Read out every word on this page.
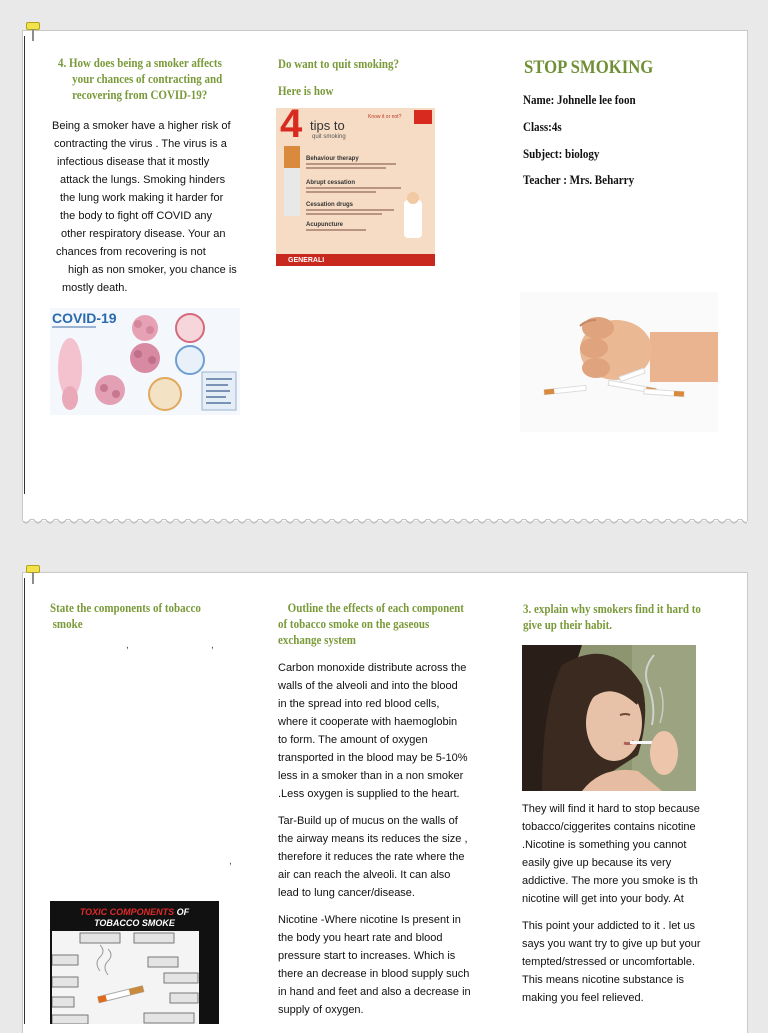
4. How does being a smoker affects
your chances of contracting and
recovering from COVID-19?

Being a smoker have a higher risk of

contracting the virus . The virus is a

infectious disease that it mostly

attack the lungs. Smoking hinders

the lung work making it harder for

the body to fight off COVID any

other respiratory disease. Your an

chances from recovering is not

high as non smoker, you chance is

mostly death.

COVID-19
Do want to quit smoking?
Here is how
4 tips to
quit smoking
Know it or not?
Behaviour therapy
Abrupt cessation
Cessation drugs
Acupuncture
GENERALI
STOP SMOKING
Name: Johnelle lee foon
Class:4s
Subject: biology
Teacher : Mrs. Beharry
State the components of tobacco
smoke
,	,
,
TOXIC COMPONENTS OF
TOBACCO SMOKE
Outline the effects of each component
of tobacco smoke on the gaseous
exchange system

Carbon monoxide distribute across the

walls of the alveoli and into the blood

in the spread into red blood cells,

where it cooperate with haemoglobin

to form. The amount of oxygen

transported in the blood may be 5-10%

less in a smoker than in a non smoker

.Less oxygen is supplied to the heart.

Tar-Build up of mucus on the walls of

the airway means its reduces the size ,

therefore it reduces the rate where the

air can reach the alveoli. It can also

lead to lung cancer/disease.

Nicotine -Where nicotine Is present in

the body you heart rate and blood

pressure start to increases. Which is

there an decrease in blood supply such

in hand and feet and also a decrease in

supply of oxygen.

3. explain why smokers find it hard to
give up their habit.

They will find it hard to stop because

tobacco/ciggerites contains nicotine

.Nicotine is something you cannot

easily give up because its very

addictive. The more you smoke is th

nicotine will get into your body. At

This point your addicted to it . let us

says you want try to give up but your

tempted/stressed or uncomfortable.

This means nicotine substance is

making you feel relieved.
